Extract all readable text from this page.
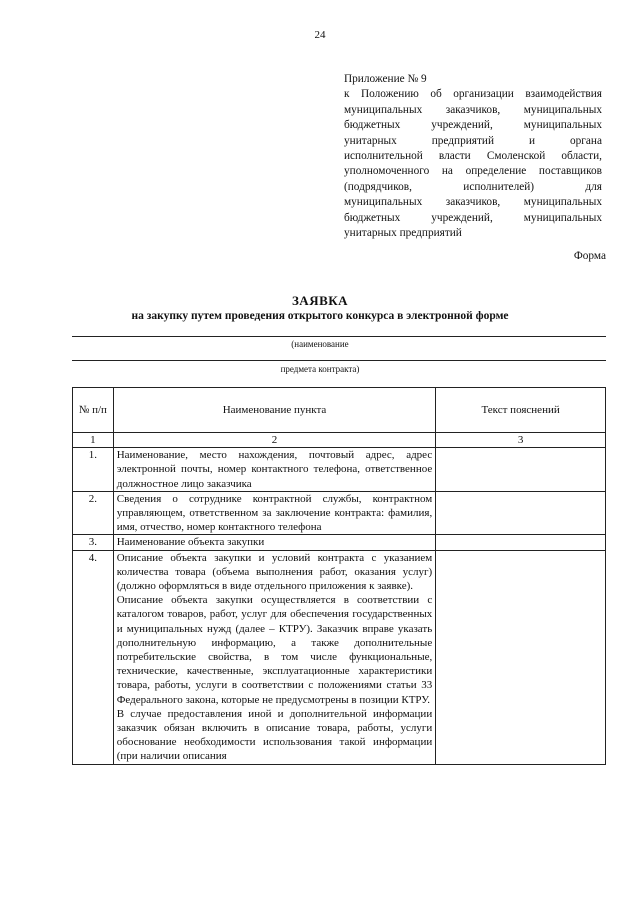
24
Приложение № 9
к Положению об организации взаимодействия
муниципальных заказчиков, муниципальных
бюджетных учреждений, муниципальных
унитарных предприятий и органа
исполнительной власти Смоленской области,
уполномоченного на определение поставщиков
(подрядчиков, исполнителей) для
муниципальных заказчиков, муниципальных
бюджетных учреждений, муниципальных
унитарных предприятий
Форма
ЗАЯВКА
на закупку путем проведения открытого конкурса в электронной форме
(наименование
предмета контракта)
№ п/п	Наименование пункта	Текст пояснений
1	2	3
1.	Наименование, место нахождения, почтовый адрес, адрес электронной почты, номер контактного телефона, ответственное должностное лицо заказчика	
2.	Сведения о сотруднике контрактной службы, контрактном управляющем, ответственном за заключение контракта: фамилия, имя, отчество, номер контактного телефона	
3.	Наименование объекта закупки	
4.	Описание объекта закупки и условий контракта с указанием количества товара (объема выполнения работ, оказания услуг) (должно оформляться в виде отдельного приложения к заявке).
Описание объекта закупки осуществляется в соответствии с каталогом товаров, работ, услуг для обеспечения государственных и муниципальных нужд (далее – КТРУ). Заказчик вправе указать дополнительную информацию, а также дополнительные потребительские свойства, в том числе функциональные, технические, качественные, эксплуатационные характеристики товара, работы, услуги в соответствии с положениями статьи 33 Федерального закона, которые не предусмотрены в позиции КТРУ.
В случае предоставления иной и дополнительной информации заказчик обязан включить в описание товара, работы, услуги обоснование необходимости использования такой информации (при наличии описания	
